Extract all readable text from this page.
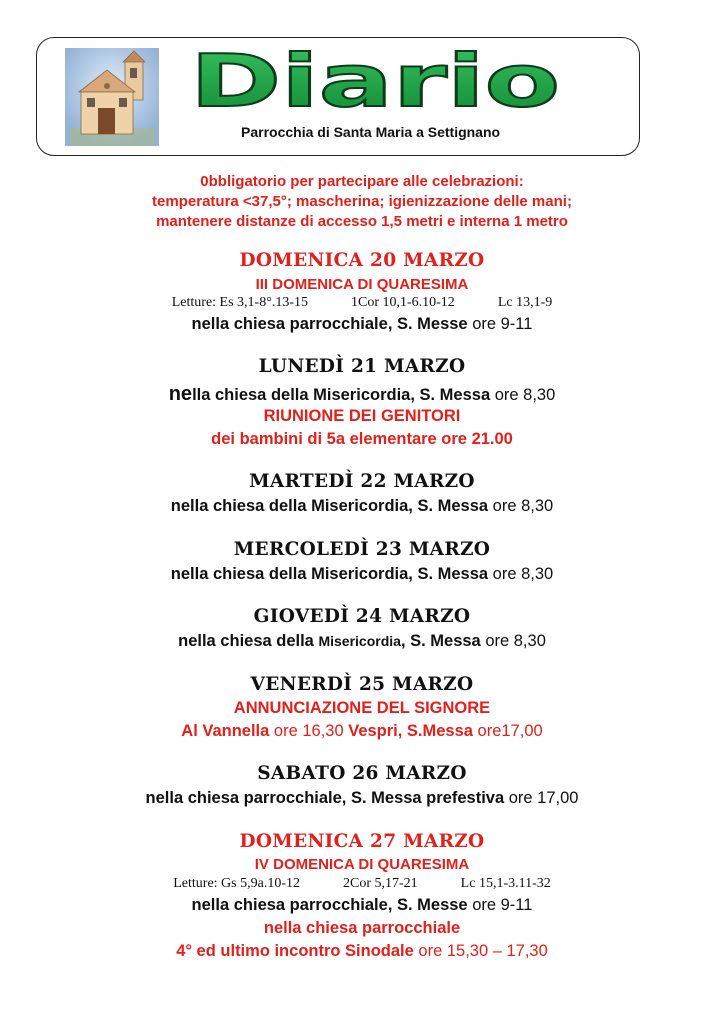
Diario
Parrocchia di Santa Maria a Settignano
0bbligatorio per partecipare alle celebrazioni:
temperatura <37,5°; mascherina; igienizzazione delle mani;
mantenere distanze di accesso 1,5 metri e interna 1 metro
DOMENICA 20 MARZO
III DOMENICA DI QUARESIMA
Letture: Es 3,1-8°.13-15	1Cor 10,1-6.10-12	Lc 13,1-9
nella chiesa parrocchiale, S. Messe ore 9-11
LUNEDÌ 21 MARZO
nella chiesa della Misericordia, S. Messa ore 8,30
RIUNIONE DEI GENITORI
dei bambini di 5a elementare ore 21.00
MARTEDÌ 22 MARZO
nella chiesa della Misericordia, S. Messa ore 8,30
MERCOLEDÌ 23 MARZO
nella chiesa della Misericordia, S. Messa ore 8,30
GIOVEDÌ 24 MARZO
nella chiesa della Misericordia, S. Messa ore 8,30
VENERDÌ 25 MARZO
ANNUNCIAZIONE DEL SIGNORE
Al Vannella ore 16,30 Vespri, S.Messa ore17,00
SABATO 26 MARZO
nella chiesa parrocchiale, S. Messa prefestiva ore 17,00
DOMENICA 27 MARZO
IV DOMENICA DI QUARESIMA
Letture: Gs 5,9a.10-12	2Cor 5,17-21	Lc 15,1-3.11-32
nella chiesa parrocchiale, S. Messe ore 9-11
nella chiesa parrocchiale
4° ed ultimo incontro Sinodale ore 15,30 – 17,30
